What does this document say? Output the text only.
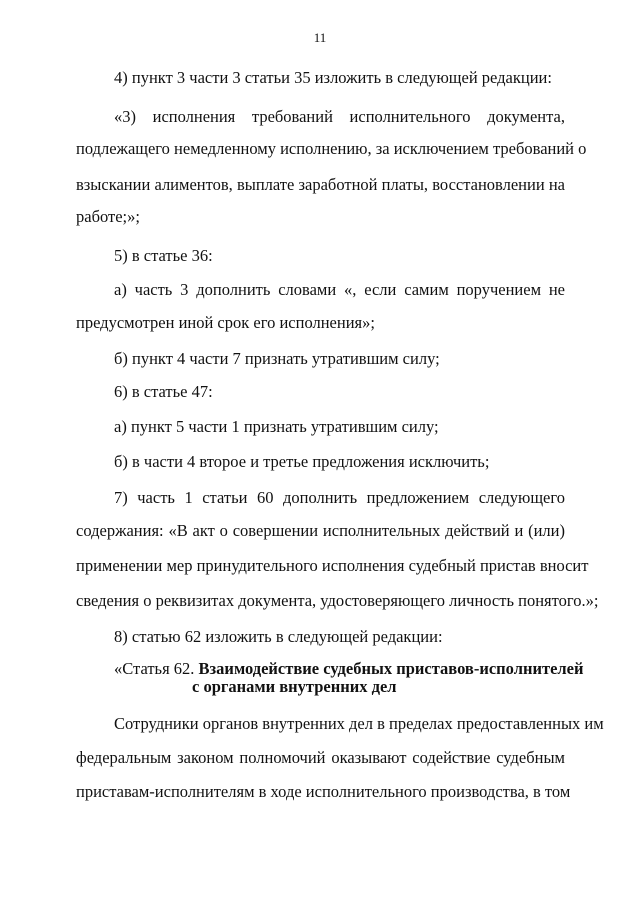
11
4) пункт 3 части 3 статьи 35 изложить в следующей редакции:
«3) исполнения требований исполнительного документа,
подлежащего немедленному исполнению, за исключением требований о
взыскании алиментов, выплате заработной платы, восстановлении на
работе;»;
5) в статье 36:
а) часть 3 дополнить словами «, если самим поручением не
предусмотрен иной срок его исполнения»;
б) пункт 4 части 7 признать утратившим силу;
6) в статье 47:
а) пункт 5 части 1 признать утратившим силу;
б) в части 4 второе и третье предложения исключить;
7) часть 1 статьи 60 дополнить предложением следующего
содержания: «В акт о совершении исполнительных действий и (или)
применении мер принудительного исполнения судебный пристав вносит
сведения о реквизитах документа, удостоверяющего личность понятого.»;
8) статью 62 изложить в следующей редакции:
«Статья 62. Взаимодействие судебных приставов-исполнителей
с органами внутренних дел
Сотрудники органов внутренних дел в пределах предоставленных им
федеральным законом полномочий оказывают содействие судебным
приставам-исполнителям в ходе исполнительного производства, в том
